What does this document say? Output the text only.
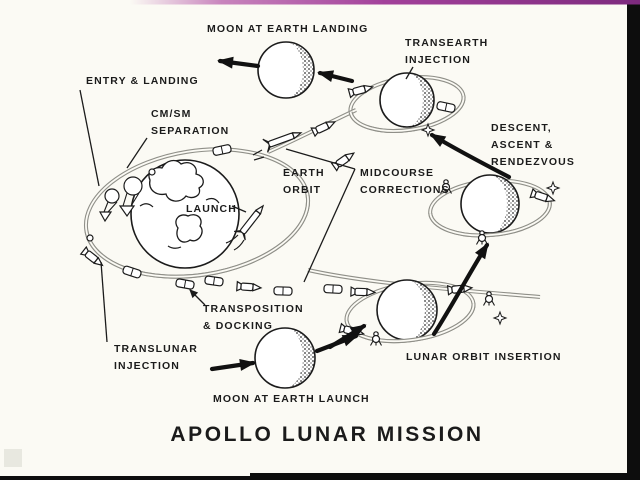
MOON AT EARTH LANDING
TRANSEARTH
INJECTION
ENTRY & LANDING
CM/SM
SEPARATION	DESCENT,
ASCENT &
RENDEZVOUS
EARTH
ORBIT
MIDCOURSE
CORRECTIONS
LAUNCH
TRANSPOSITION
& DOCKING
TRANSLUNAR
INJECTION
LUNAR ORBIT INSERTION
MOON AT EARTH LAUNCH
APOLLO LUNAR MISSION
